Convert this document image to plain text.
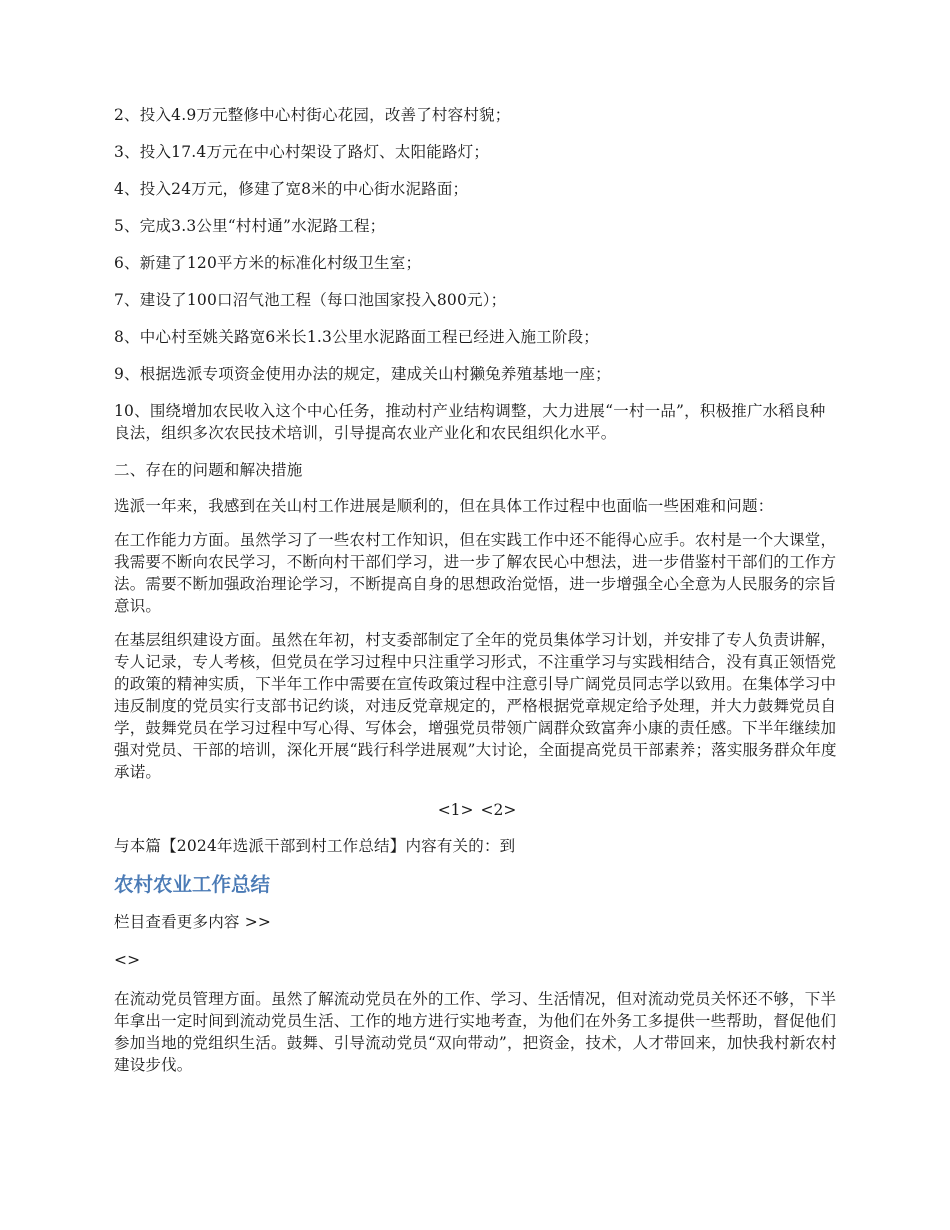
2、投入4.9万元整修中心村街心花园，改善了村容村貌；

3、投入17.4万元在中心村架设了路灯、太阳能路灯；

4、投入24万元，修建了宽8米的中心街水泥路面；

5、完成3.3公里“村村通”水泥路工程；

6、新建了120平方米的标准化村级卫生室；

7、建设了100口沼气池工程（每口池国家投入800元）；

8、中心村至姚关路宽6米长1.3公里水泥路面工程已经进入施工阶段；

9、根据选派专项资金使用办法的规定，建成关山村獭兔养殖基地一座；

10、围绕增加农民收入这个中心任务，推动村产业结构调整，大力进展“一村一品”，积极推广水稻良种良法，组织多次农民技术培训，引导提高农业产业化和农民组织化水平。

二、存在的问题和解决措施

选派一年来，我感到在关山村工作进展是顺利的，但在具体工作过程中也面临一些困难和问题：

在工作能力方面。虽然学习了一些农村工作知识，但在实践工作中还不能得心应手。农村是一个大课堂，我需要不断向农民学习，不断向村干部们学习，进一步了解农民心中想法，进一步借鉴村干部们的工作方法。需要不断加强政治理论学习，不断提高自身的思想政治觉悟，进一步增强全心全意为人民服务的宗旨意识。

在基层组织建设方面。虽然在年初，村支委部制定了全年的党员集体学习计划，并安排了专人负责讲解，专人记录，专人考核，但党员在学习过程中只注重学习形式，不注重学习与实践相结合，没有真正领悟党的政策的精神实质，下半年工作中需要在宣传政策过程中注意引导广阔党员同志学以致用。在集体学习中违反制度的党员实行支部书记约谈，对违反党章规定的，严格根据党章规定给予处理，并大力鼓舞党员自学，鼓舞党员在学习过程中写心得、写体会，增强党员带领广阔群众致富奔小康的责任感。下半年继续加强对党员、干部的培训，深化开展“践行科学进展观”大讨论，全面提高党员干部素养；落实服务群众年度承诺。

<1> <2>

与本篇【2024年选派干部到村工作总结】内容有关的：到

农村农业工作总结

栏目查看更多内容 >>

<>

在流动党员管理方面。虽然了解流动党员在外的工作、学习、生活情况，但对流动党员关怀还不够，下半年拿出一定时间到流动党员生活、工作的地方进行实地考查，为他们在外务工多提供一些帮助，督促他们参加当地的党组织生活。鼓舞、引导流动党员“双向带动”，把资金，技术，人才带回来，加快我村新农村建设步伐。
